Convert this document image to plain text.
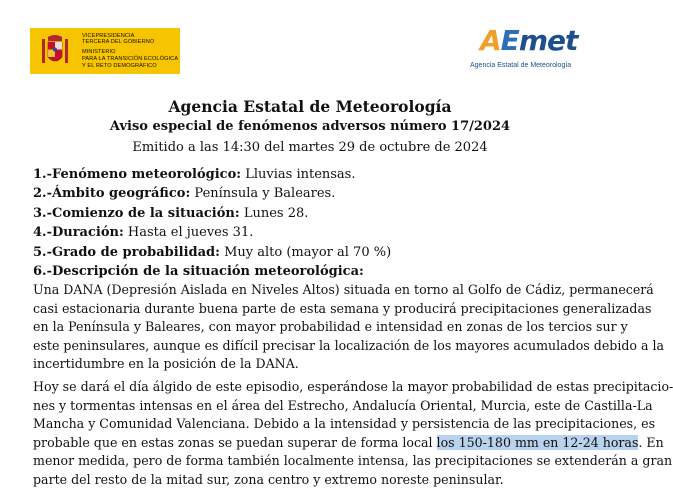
VICEPRESIDENCIA
TERCERA DEL GOBIERNO
MINISTERIO
PARA LA TRANSICIÓN ECOLÓGICA
Y EL RETO DEMOGRÁFICO
AEmet
Agencia Estatal de Meteorología
Agencia Estatal de Meteorología
Aviso especial de fenómenos adversos número 17/2024
Emitido a las 14:30 del martes 29 de octubre de 2024
1.-Fenómeno meteorológico: Lluvias intensas.
2.-Ámbito geográfico: Península y Baleares.
3.-Comienzo de la situación: Lunes 28.
4.-Duración: Hasta el jueves 31.
5.-Grado de probabilidad: Muy alto (mayor al 70 %)
6.-Descripción de la situación meteorológica:
Una DANA (Depresión Aislada en Niveles Altos) situada en torno al Golfo de Cádiz, permanecerá
casi estacionaria durante buena parte de esta semana y producirá precipitaciones generalizadas
en la Península y Baleares, con mayor probabilidad e intensidad en zonas de los tercios sur y
este peninsulares, aunque es difícil precisar la localización de los mayores acumulados debido a la
incertidumbre en la posición de la DANA.
Hoy se dará el día álgido de este episodio, esperándose la mayor probabilidad de estas precipitacio-
nes y tormentas intensas en el área del Estrecho, Andalucía Oriental, Murcia, este de Castilla-La
Mancha y Comunidad Valenciana. Debido a la intensidad y persistencia de las precipitaciones, es
probable que en estas zonas se puedan superar de forma local los 150-180 mm en 12-24 horas. En
menor medida, pero de forma también localmente intensa, las precipitaciones se extenderán a gran
parte del resto de la mitad sur, zona centro y extremo noreste peninsular.
